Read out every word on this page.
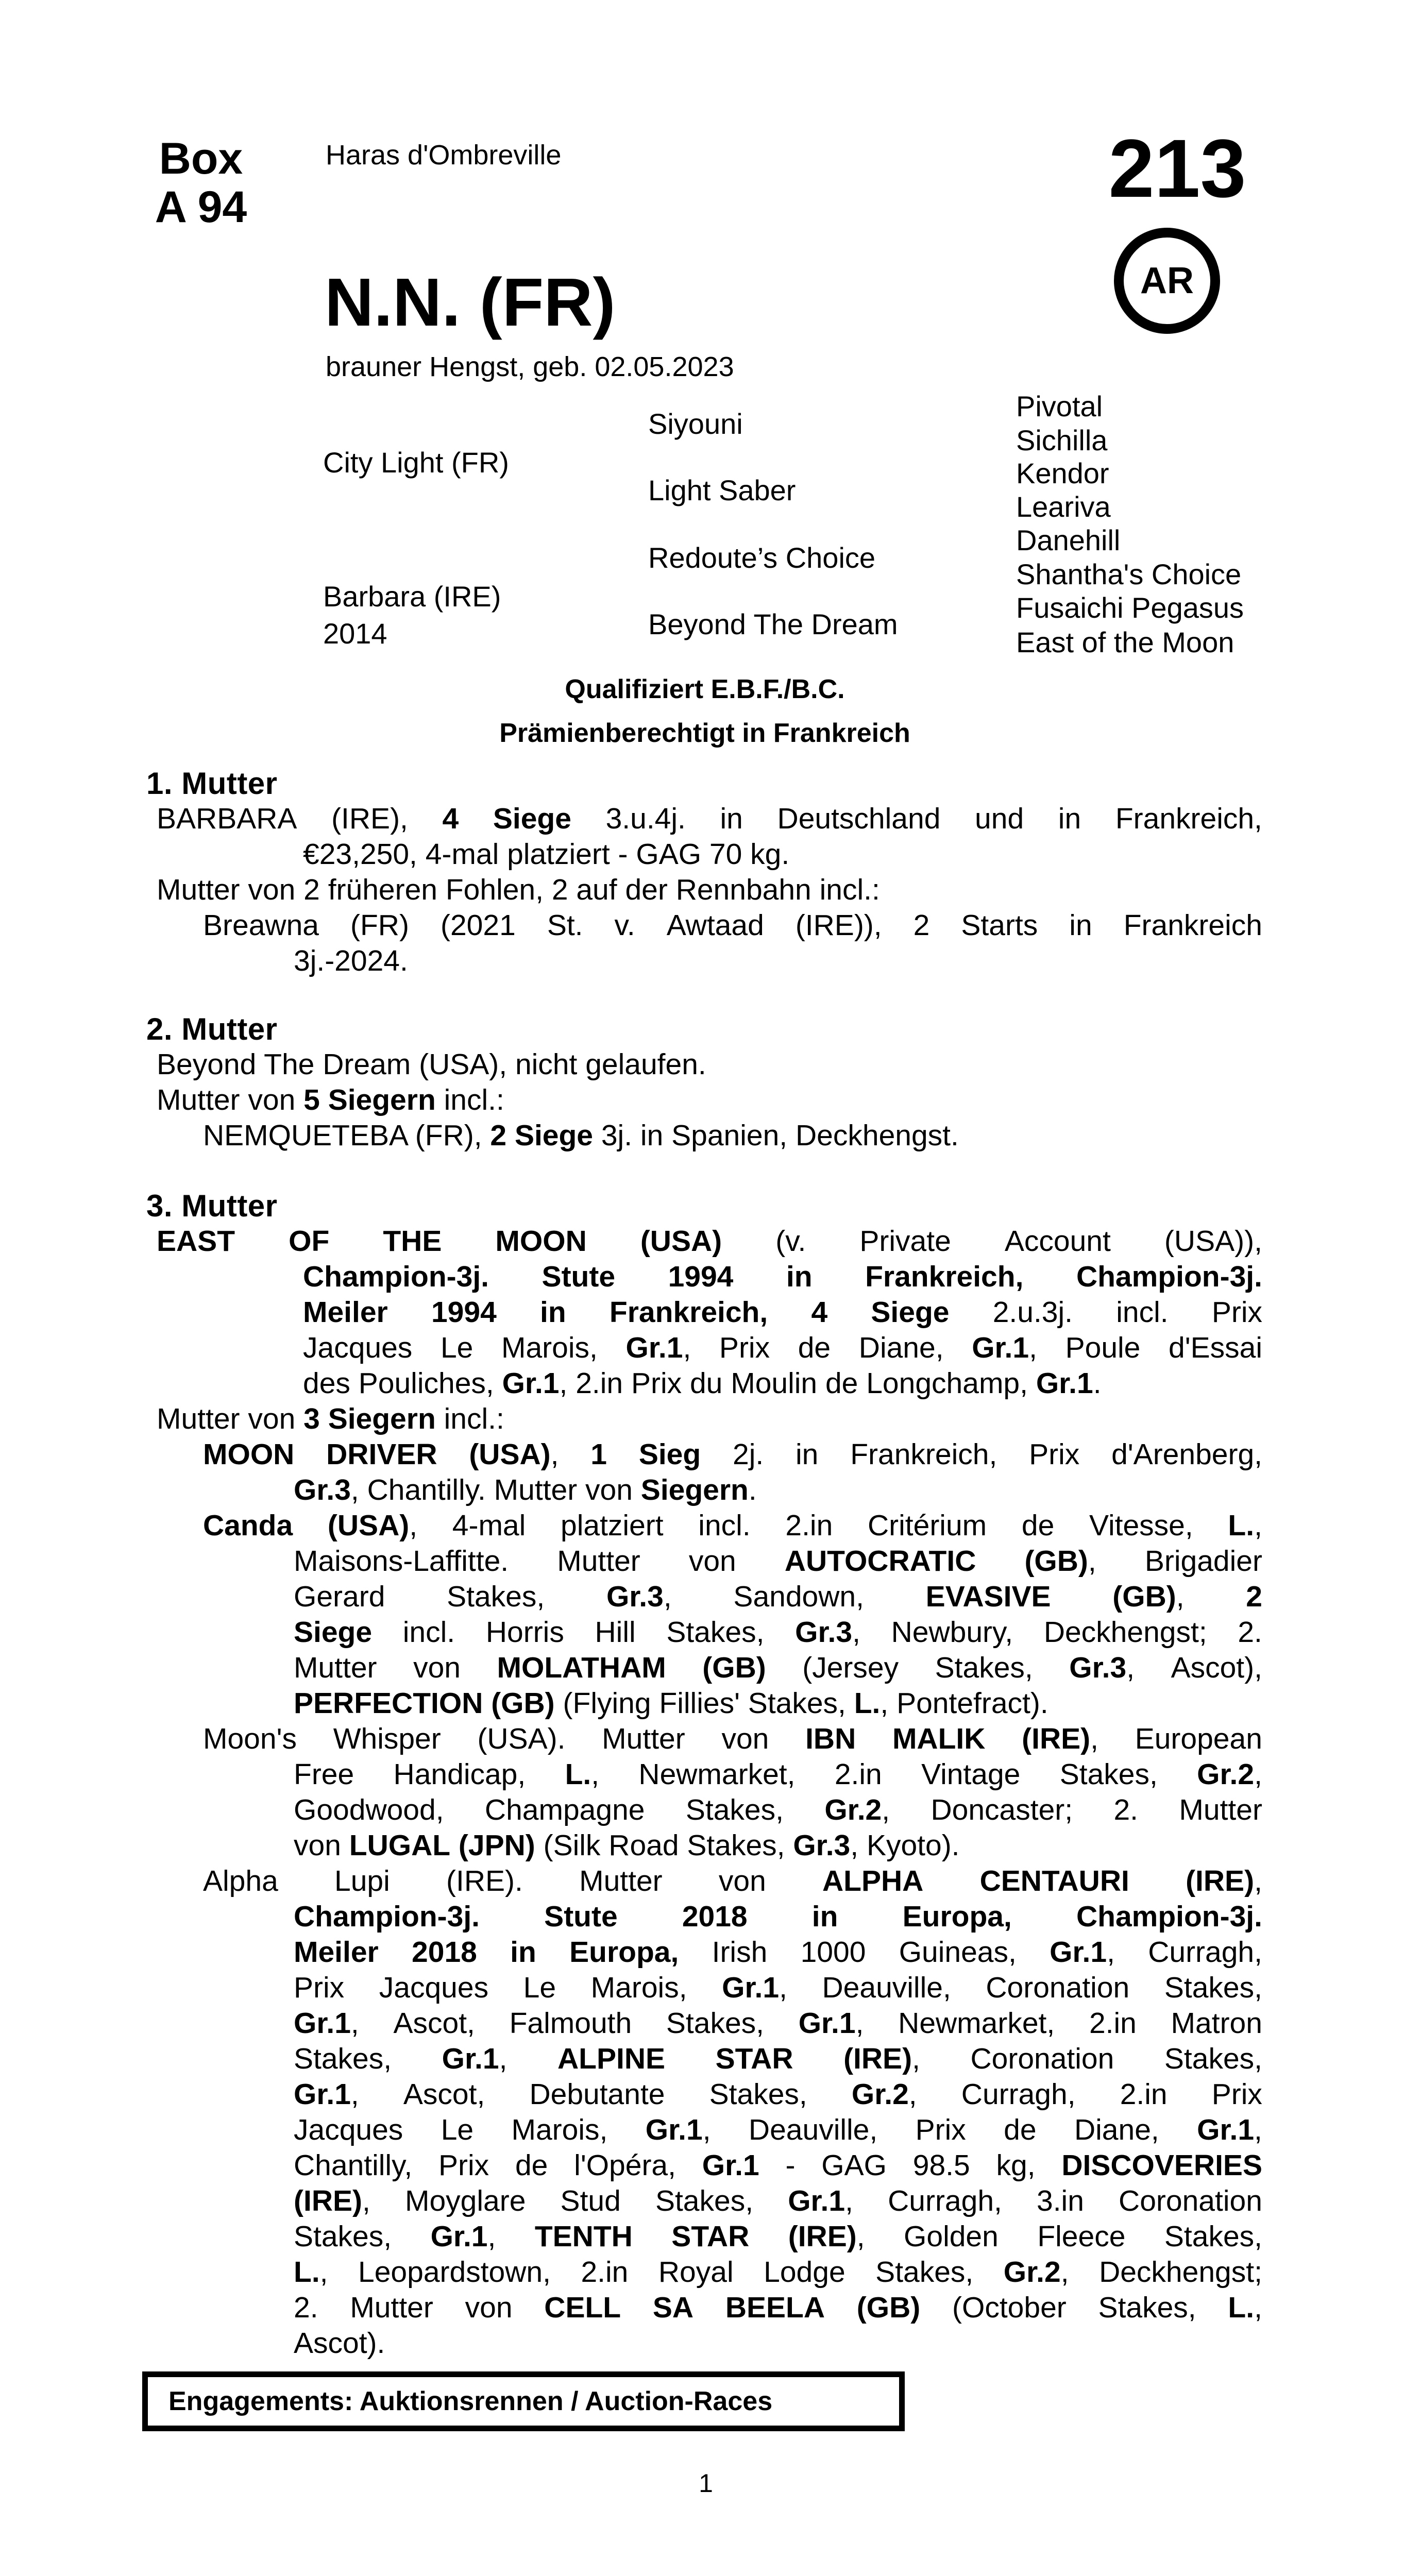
Box
A 94
Haras d'Ombreville	213
AR
N.N. (FR)
brauner Hengst, geb. 02.05.2023
City Light (FR)
Barbara (IRE)
2014
Siyouni
Light Saber
Redoute’s Choice
Beyond The Dream
Pivotal
Sichilla
Kendor
Leariva
Danehill
Shantha's Choice
Fusaichi Pegasus
East of the Moon
Qualifiziert E.B.F./B.C.
Prämienberechtigt in Frankreich
1. Mutter
BARBARA (IRE), 4 Siege 3.u.4j. in Deutschland und in Frankreich,
€23,250, 4-mal platziert - GAG 70 kg.
Mutter von 2 früheren Fohlen, 2 auf der Rennbahn incl.:
Breawna (FR) (2021 St. v. Awtaad (IRE)), 2 Starts in Frankreich
3j.-2024.
2. Mutter
Beyond The Dream (USA), nicht gelaufen.
Mutter von 5 Siegern incl.:
NEMQUETEBA (FR), 2 Siege 3j. in Spanien, Deckhengst.
3. Mutter
EAST OF THE MOON (USA) (v. Private Account (USA)),
Champion-3j. Stute 1994 in Frankreich, Champion-3j.
Meiler 1994 in Frankreich, 4 Siege 2.u.3j. incl. Prix
Jacques Le Marois, Gr.1, Prix de Diane, Gr.1, Poule d'Essai
des Pouliches, Gr.1, 2.in Prix du Moulin de Longchamp, Gr.1.
Mutter von 3 Siegern incl.:
MOON DRIVER (USA), 1 Sieg 2j. in Frankreich, Prix d'Arenberg,
Gr.3, Chantilly. Mutter von Siegern.
Canda (USA), 4-mal platziert incl. 2.in Critérium de Vitesse, L.,
Maisons-Laffitte. Mutter von AUTOCRATIC (GB), Brigadier
Gerard Stakes, Gr.3, Sandown, EVASIVE (GB), 2
Siege incl. Horris Hill Stakes, Gr.3, Newbury, Deckhengst; 2.
Mutter von MOLATHAM (GB) (Jersey Stakes, Gr.3, Ascot),
PERFECTION (GB) (Flying Fillies' Stakes, L., Pontefract).
Moon's Whisper (USA). Mutter von IBN MALIK (IRE), European
Free Handicap, L., Newmarket, 2.in Vintage Stakes, Gr.2,
Goodwood, Champagne Stakes, Gr.2, Doncaster; 2. Mutter
von LUGAL (JPN) (Silk Road Stakes, Gr.3, Kyoto).
Alpha Lupi (IRE). Mutter von ALPHA CENTAURI (IRE),
Champion-3j. Stute 2018 in Europa, Champion-3j.
Meiler 2018 in Europa, Irish 1000 Guineas, Gr.1, Curragh,
Prix Jacques Le Marois, Gr.1, Deauville, Coronation Stakes,
Gr.1, Ascot, Falmouth Stakes, Gr.1, Newmarket, 2.in Matron
Stakes, Gr.1, ALPINE STAR (IRE), Coronation Stakes,
Gr.1, Ascot, Debutante Stakes, Gr.2, Curragh, 2.in Prix
Jacques Le Marois, Gr.1, Deauville, Prix de Diane, Gr.1,
Chantilly, Prix de l'Opéra, Gr.1 - GAG 98.5 kg, DISCOVERIES
(IRE), Moyglare Stud Stakes, Gr.1, Curragh, 3.in Coronation
Stakes, Gr.1, TENTH STAR (IRE), Golden Fleece Stakes,
L., Leopardstown, 2.in Royal Lodge Stakes, Gr.2, Deckhengst;
2. Mutter von CELL SA BEELA (GB) (October Stakes, L.,
Ascot).
Engagements: Auktionsrennen / Auction-Races
1
